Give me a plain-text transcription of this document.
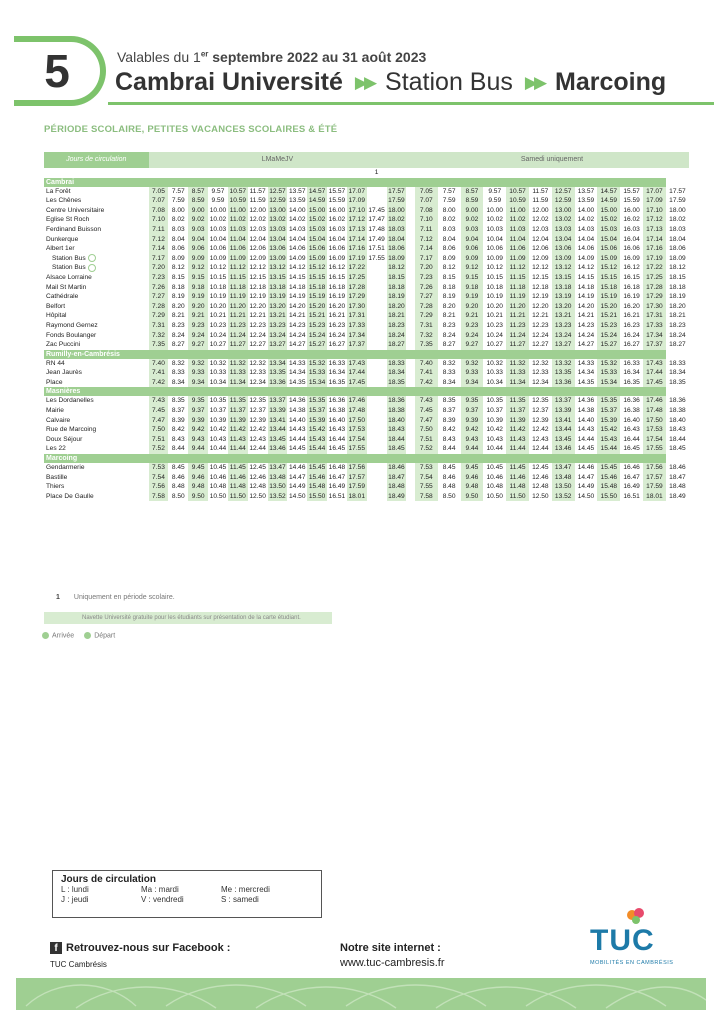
5	Valables du 1er septembre 2022 au 31 août 2023
Cambrai Université ▶▶ Station Bus ▶▶ Marcoing
PÉRIODE SCOLAIRE, PETITES VACANCES SCOLAIRES & ÉTÉ
Jours de circulation	LMaMeJV														Samedi uniquement											
												1														
Cambrai																										
La Forêt	7.05	7.57	8.57	9.57	10.57	11.57	12.57	13.57	14.57	15.57	17.07		17.57		7.05	7.57	8.57	9.57	10.57	11.57	12.57	13.57	14.57	15.57	17.07	17.57
Les Chênes	7.07	7.59	8.59	9.59	10.59	11.59	12.59	13.59	14.59	15.59	17.09		17.59		7.07	7.59	8.59	9.59	10.59	11.59	12.59	13.59	14.59	15.59	17.09	17.59
Centre Universitaire	7.08	8.00	9.00	10.00	11.00	12.00	13.00	14.00	15.00	16.00	17.10	17.45	18.00		7.08	8.00	9.00	10.00	11.00	12.00	13.00	14.00	15.00	16.00	17.10	18.00
Eglise St Roch	7.10	8.02	9.02	10.02	11.02	12.02	13.02	14.02	15.02	16.02	17.12	17.47	18.02		7.10	8.02	9.02	10.02	11.02	12.02	13.02	14.02	15.02	16.02	17.12	18.02
Ferdinand Buisson	7.11	8.03	9.03	10.03	11.03	12.03	13.03	14.03	15.03	16.03	17.13	17.48	18.03		7.11	8.03	9.03	10.03	11.03	12.03	13.03	14.03	15.03	16.03	17.13	18.03
Dunkerque	7.12	8.04	9.04	10.04	11.04	12.04	13.04	14.04	15.04	16.04	17.14	17.49	18.04		7.12	8.04	9.04	10.04	11.04	12.04	13.04	14.04	15.04	16.04	17.14	18.04
Albert 1er	7.14	8.06	9.06	10.06	11.06	12.06	13.06	14.06	15.06	16.06	17.16	17.51	18.06		7.14	8.06	9.06	10.06	11.06	12.06	13.06	14.06	15.06	16.06	17.16	18.06
Station Bus	7.17	8.09	9.09	10.09	11.09	12.09	13.09	14.09	15.09	16.09	17.19	17.55	18.09		7.17	8.09	9.09	10.09	11.09	12.09	13.09	14.09	15.09	16.09	17.19	18.09
Station Bus	7.20	8.12	9.12	10.12	11.12	12.12	13.12	14.12	15.12	16.12	17.22		18.12		7.20	8.12	9.12	10.12	11.12	12.12	13.12	14.12	15.12	16.12	17.22	18.12
Alsace Lorraine	7.23	8.15	9.15	10.15	11.15	12.15	13.15	14.15	15.15	16.15	17.25		18.15		7.23	8.15	9.15	10.15	11.15	12.15	13.15	14.15	15.15	16.15	17.25	18.15
Mail St Martin	7.26	8.18	9.18	10.18	11.18	12.18	13.18	14.18	15.18	16.18	17.28		18.18		7.26	8.18	9.18	10.18	11.18	12.18	13.18	14.18	15.18	16.18	17.28	18.18
Cathédrale	7.27	8.19	9.19	10.19	11.19	12.19	13.19	14.19	15.19	16.19	17.29		18.19		7.27	8.19	9.19	10.19	11.19	12.19	13.19	14.19	15.19	16.19	17.29	18.19
Belfort	7.28	8.20	9.20	10.20	11.20	12.20	13.20	14.20	15.20	16.20	17.30		18.20		7.28	8.20	9.20	10.20	11.20	12.20	13.20	14.20	15.20	16.20	17.30	18.20
Hôpital	7.29	8.21	9.21	10.21	11.21	12.21	13.21	14.21	15.21	16.21	17.31		18.21		7.29	8.21	9.21	10.21	11.21	12.21	13.21	14.21	15.21	16.21	17.31	18.21
Raymond Gernez	7.31	8.23	9.23	10.23	11.23	12.23	13.23	14.23	15.23	16.23	17.33		18.23		7.31	8.23	9.23	10.23	11.23	12.23	13.23	14.23	15.23	16.23	17.33	18.23
Fonds Boulanger	7.32	8.24	9.24	10.24	11.24	12.24	13.24	14.24	15.24	16.24	17.34		18.24		7.32	8.24	9.24	10.24	11.24	12.24	13.24	14.24	15.24	16.24	17.34	18.24
Zac Puccini	7.35	8.27	9.27	10.27	11.27	12.27	13.27	14.27	15.27	16.27	17.37		18.27		7.35	8.27	9.27	10.27	11.27	12.27	13.27	14.27	15.27	16.27	17.37	18.27
Rumilly-en-Cambrésis																										
RN 44	7.40	8.32	9.32	10.32	11.32	12.32	13.34	14.33	15.32	16.33	17.43		18.33		7.40	8.32	9.32	10.32	11.32	12.32	13.32	14.33	15.32	16.33	17.43	18.33
Jean Jaurès	7.41	8.33	9.33	10.33	11.33	12.33	13.35	14.34	15.33	16.34	17.44		18.34		7.41	8.33	9.33	10.33	11.33	12.33	13.35	14.34	15.33	16.34	17.44	18.34
Place	7.42	8.34	9.34	10.34	11.34	12.34	13.36	14.35	15.34	16.35	17.45		18.35		7.42	8.34	9.34	10.34	11.34	12.34	13.36	14.35	15.34	16.35	17.45	18.35
Masnières																										
Les Dordanelles	7.43	8.35	9.35	10.35	11.35	12.35	13.37	14.36	15.35	16.36	17.46		18.36		7.43	8.35	9.35	10.35	11.35	12.35	13.37	14.36	15.35	16.36	17.46	18.36
Mairie	7.45	8.37	9.37	10.37	11.37	12.37	13.39	14.38	15.37	16.38	17.48		18.38		7.45	8.37	9.37	10.37	11.37	12.37	13.39	14.38	15.37	16.38	17.48	18.38
Calvaire	7.47	8.39	9.39	10.39	11.39	12.39	13.41	14.40	15.39	16.40	17.50		18.40		7.47	8.39	9.39	10.39	11.39	12.39	13.41	14.40	15.39	16.40	17.50	18.40
Rue de Marcoing	7.50	8.42	9.42	10.42	11.42	12.42	13.44	14.43	15.42	16.43	17.53		18.43		7.50	8.42	9.42	10.42	11.42	12.42	13.44	14.43	15.42	16.43	17.53	18.43
Doux Séjour	7.51	8.43	9.43	10.43	11.43	12.43	13.45	14.44	15.43	16.44	17.54		18.44		7.51	8.43	9.43	10.43	11.43	12.43	13.45	14.44	15.43	16.44	17.54	18.44
Les 22	7.52	8.44	9.44	10.44	11.44	12.44	13.46	14.45	15.44	16.45	17.55		18.45		7.52	8.44	9.44	10.44	11.44	12.44	13.46	14.45	15.44	16.45	17.55	18.45
Marcoing																										
Gendarmerie	7.53	8.45	9.45	10.45	11.45	12.45	13.47	14.46	15.45	16.48	17.56		18.46		7.53	8.45	9.45	10.45	11.45	12.45	13.47	14.46	15.45	16.46	17.56	18.46
Bastille	7.54	8.46	9.46	10.46	11.46	12.46	13.48	14.47	15.46	16.47	17.57		18.47		7.54	8.46	9.46	10.46	11.46	12.46	13.48	14.47	15.46	16.47	17.57	18.47
Thiers	7.56	8.48	9.48	10.48	11.48	12.48	13.50	14.49	15.48	16.49	17.59		18.48		7.55	8.48	9.48	10.48	11.48	12.48	13.50	14.49	15.48	16.49	17.59	18.48
Place De Gaulle	7.58	8.50	9.50	10.50	11.50	12.50	13.52	14.50	15.50	16.51	18.01		18.49		7.58	8.50	9.50	10.50	11.50	12.50	13.52	14.50	15.50	16.51	18.01	18.49
1 Uniquement en période scolaire.
Navette Université gratuite pour les étudiants sur présentation de la carte étudiant.
Arrivée	Départ
Jours de circulation
L : lundi	Ma : mardi	Me : mercredi
J : jeudi	V : vendredi	S : samedi
f Retrouvez-nous sur Facebook :
TUC Cambrésis
Notre site internet :
www.tuc-cambresis.fr
TUC
MOBILITÉS EN CAMBRÉSIS
